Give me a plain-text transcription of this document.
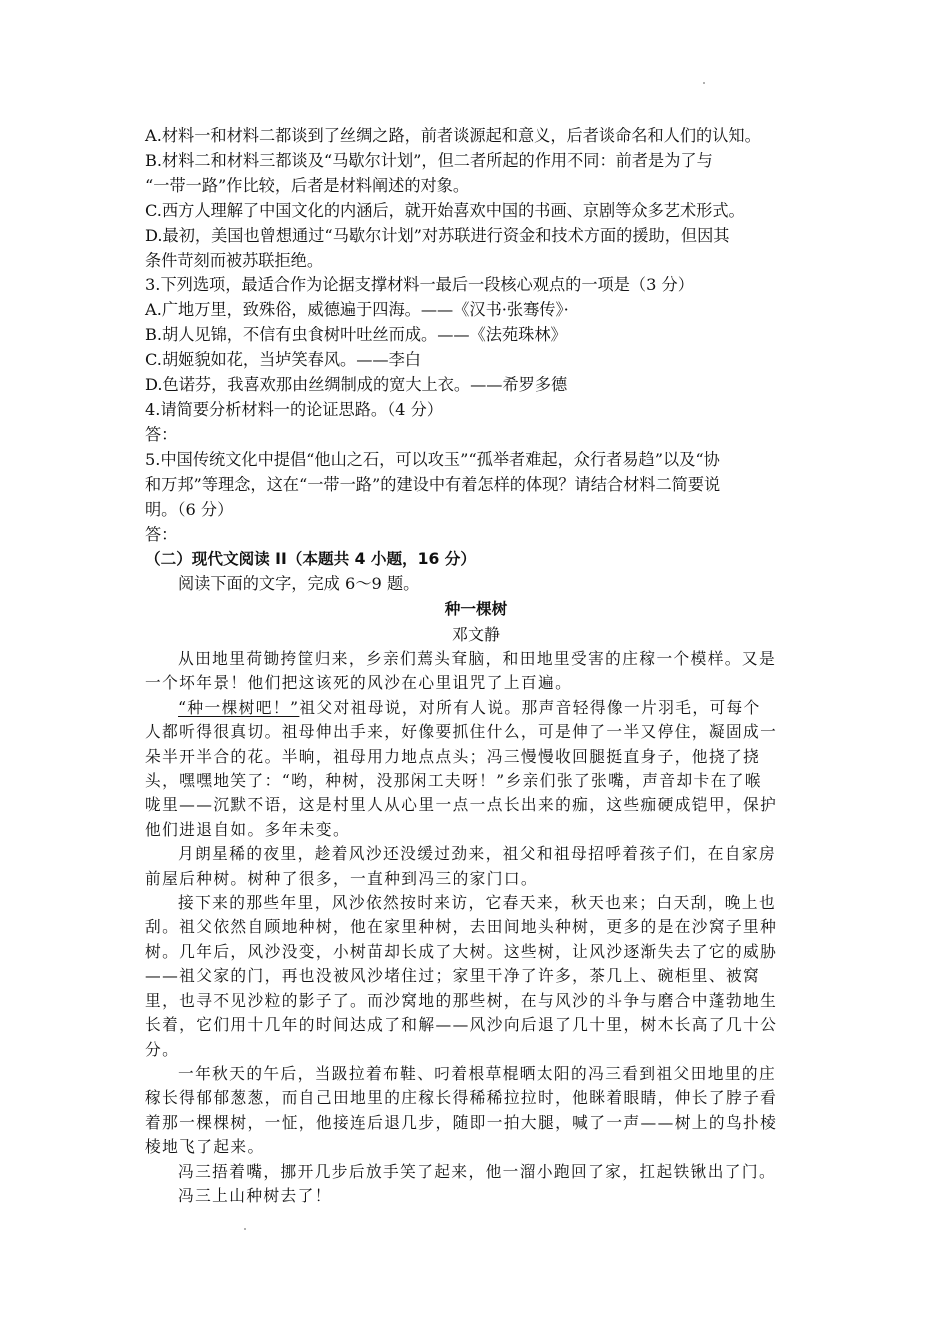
A.材料一和材料二都谈到了丝绸之路，前者谈源起和意义，后者谈命名和人们的认知。

B.材料二和材料三都谈及“马歇尔计划”，但二者所起的作用不同：前者是为了与

“一带一路”作比较，后者是材料阐述的对象。

C.西方人理解了中国文化的内涵后，就开始喜欢中国的书画、京剧等众多艺术形式。

D.最初，美国也曾想通过“马歇尔计划”对苏联进行资金和技术方面的援助，但因其

条件苛刻而被苏联拒绝。

3.下列选项，最适合作为论据支撑材料一最后一段核心观点的一项是（3 分）

A.广地万里，致殊俗，威德遍于四海。——《汉书·张骞传》·

B.胡人见锦，不信有虫食树叶吐丝而成。——《法苑珠林》

C.胡姬貌如花，当垆笑春风。——李白

D.色诺芬，我喜欢那由丝绸制成的宽大上衣。——希罗多德

4.请简要分析材料一的论证思路。（4 分）

答：

5.中国传统文化中提倡“他山之石，可以攻玉”“孤举者难起，众行者易趋”以及“协

和万邦”等理念，这在“一带一路”的建设中有着怎样的体现？请结合材料二简要说

明。（6 分）

答：

（二）现代文阅读 II（本题共 4 小题，16 分）

阅读下面的文字，完成 6～9 题。

种一棵树

邓文静

从田地里荷锄挎筐归来，乡亲们蔫头耷脑，和田地里受害的庄稼一个模样。又是

一个坏年景！他们把这该死的风沙在心里诅咒了上百遍。

“种一棵树吧！”祖父对祖母说，对所有人说。那声音轻得像一片羽毛，可每个

人都听得很真切。祖母伸出手来，好像要抓住什么，可是伸了一半又停住，凝固成一

朵半开半合的花。半晌，祖母用力地点点头；冯三慢慢收回腿挺直身子，他挠了挠

头，嘿嘿地笑了：“哟，种树，没那闲工夫呀！”乡亲们张了张嘴，声音却卡在了喉

咙里——沉默不语，这是村里人从心里一点一点长出来的痂，这些痂硬成铠甲，保护

他们进退自如。多年未变。

月朗星稀的夜里，趁着风沙还没缓过劲来，祖父和祖母招呼着孩子们，在自家房

前屋后种树。树种了很多，一直种到冯三的家门口。

接下来的那些年里，风沙依然按时来访，它春天来，秋天也来；白天刮，晚上也

刮。祖父依然自顾地种树，他在家里种树，去田间地头种树，更多的是在沙窝子里种

树。几年后，风沙没变，小树苗却长成了大树。这些树，让风沙逐渐失去了它的威胁

——祖父家的门，再也没被风沙堵住过；家里干净了许多，茶几上、碗柜里、被窝

里，也寻不见沙粒的影子了。而沙窝地的那些树，在与风沙的斗争与磨合中蓬勃地生

长着，它们用十几年的时间达成了和解——风沙向后退了几十里，树木长高了几十公

分。

一年秋天的午后，当趿拉着布鞋、叼着根草棍晒太阳的冯三看到祖父田地里的庄

稼长得郁郁葱葱，而自己田地里的庄稼长得稀稀拉拉时，他眯着眼睛，伸长了脖子看

着那一棵棵树，一怔，他接连后退几步，随即一拍大腿，喊了一声——树上的鸟扑棱

棱地飞了起来。

冯三捂着嘴，挪开几步后放手笑了起来，他一溜小跑回了家，扛起铁锹出了门。

冯三上山种树去了！
